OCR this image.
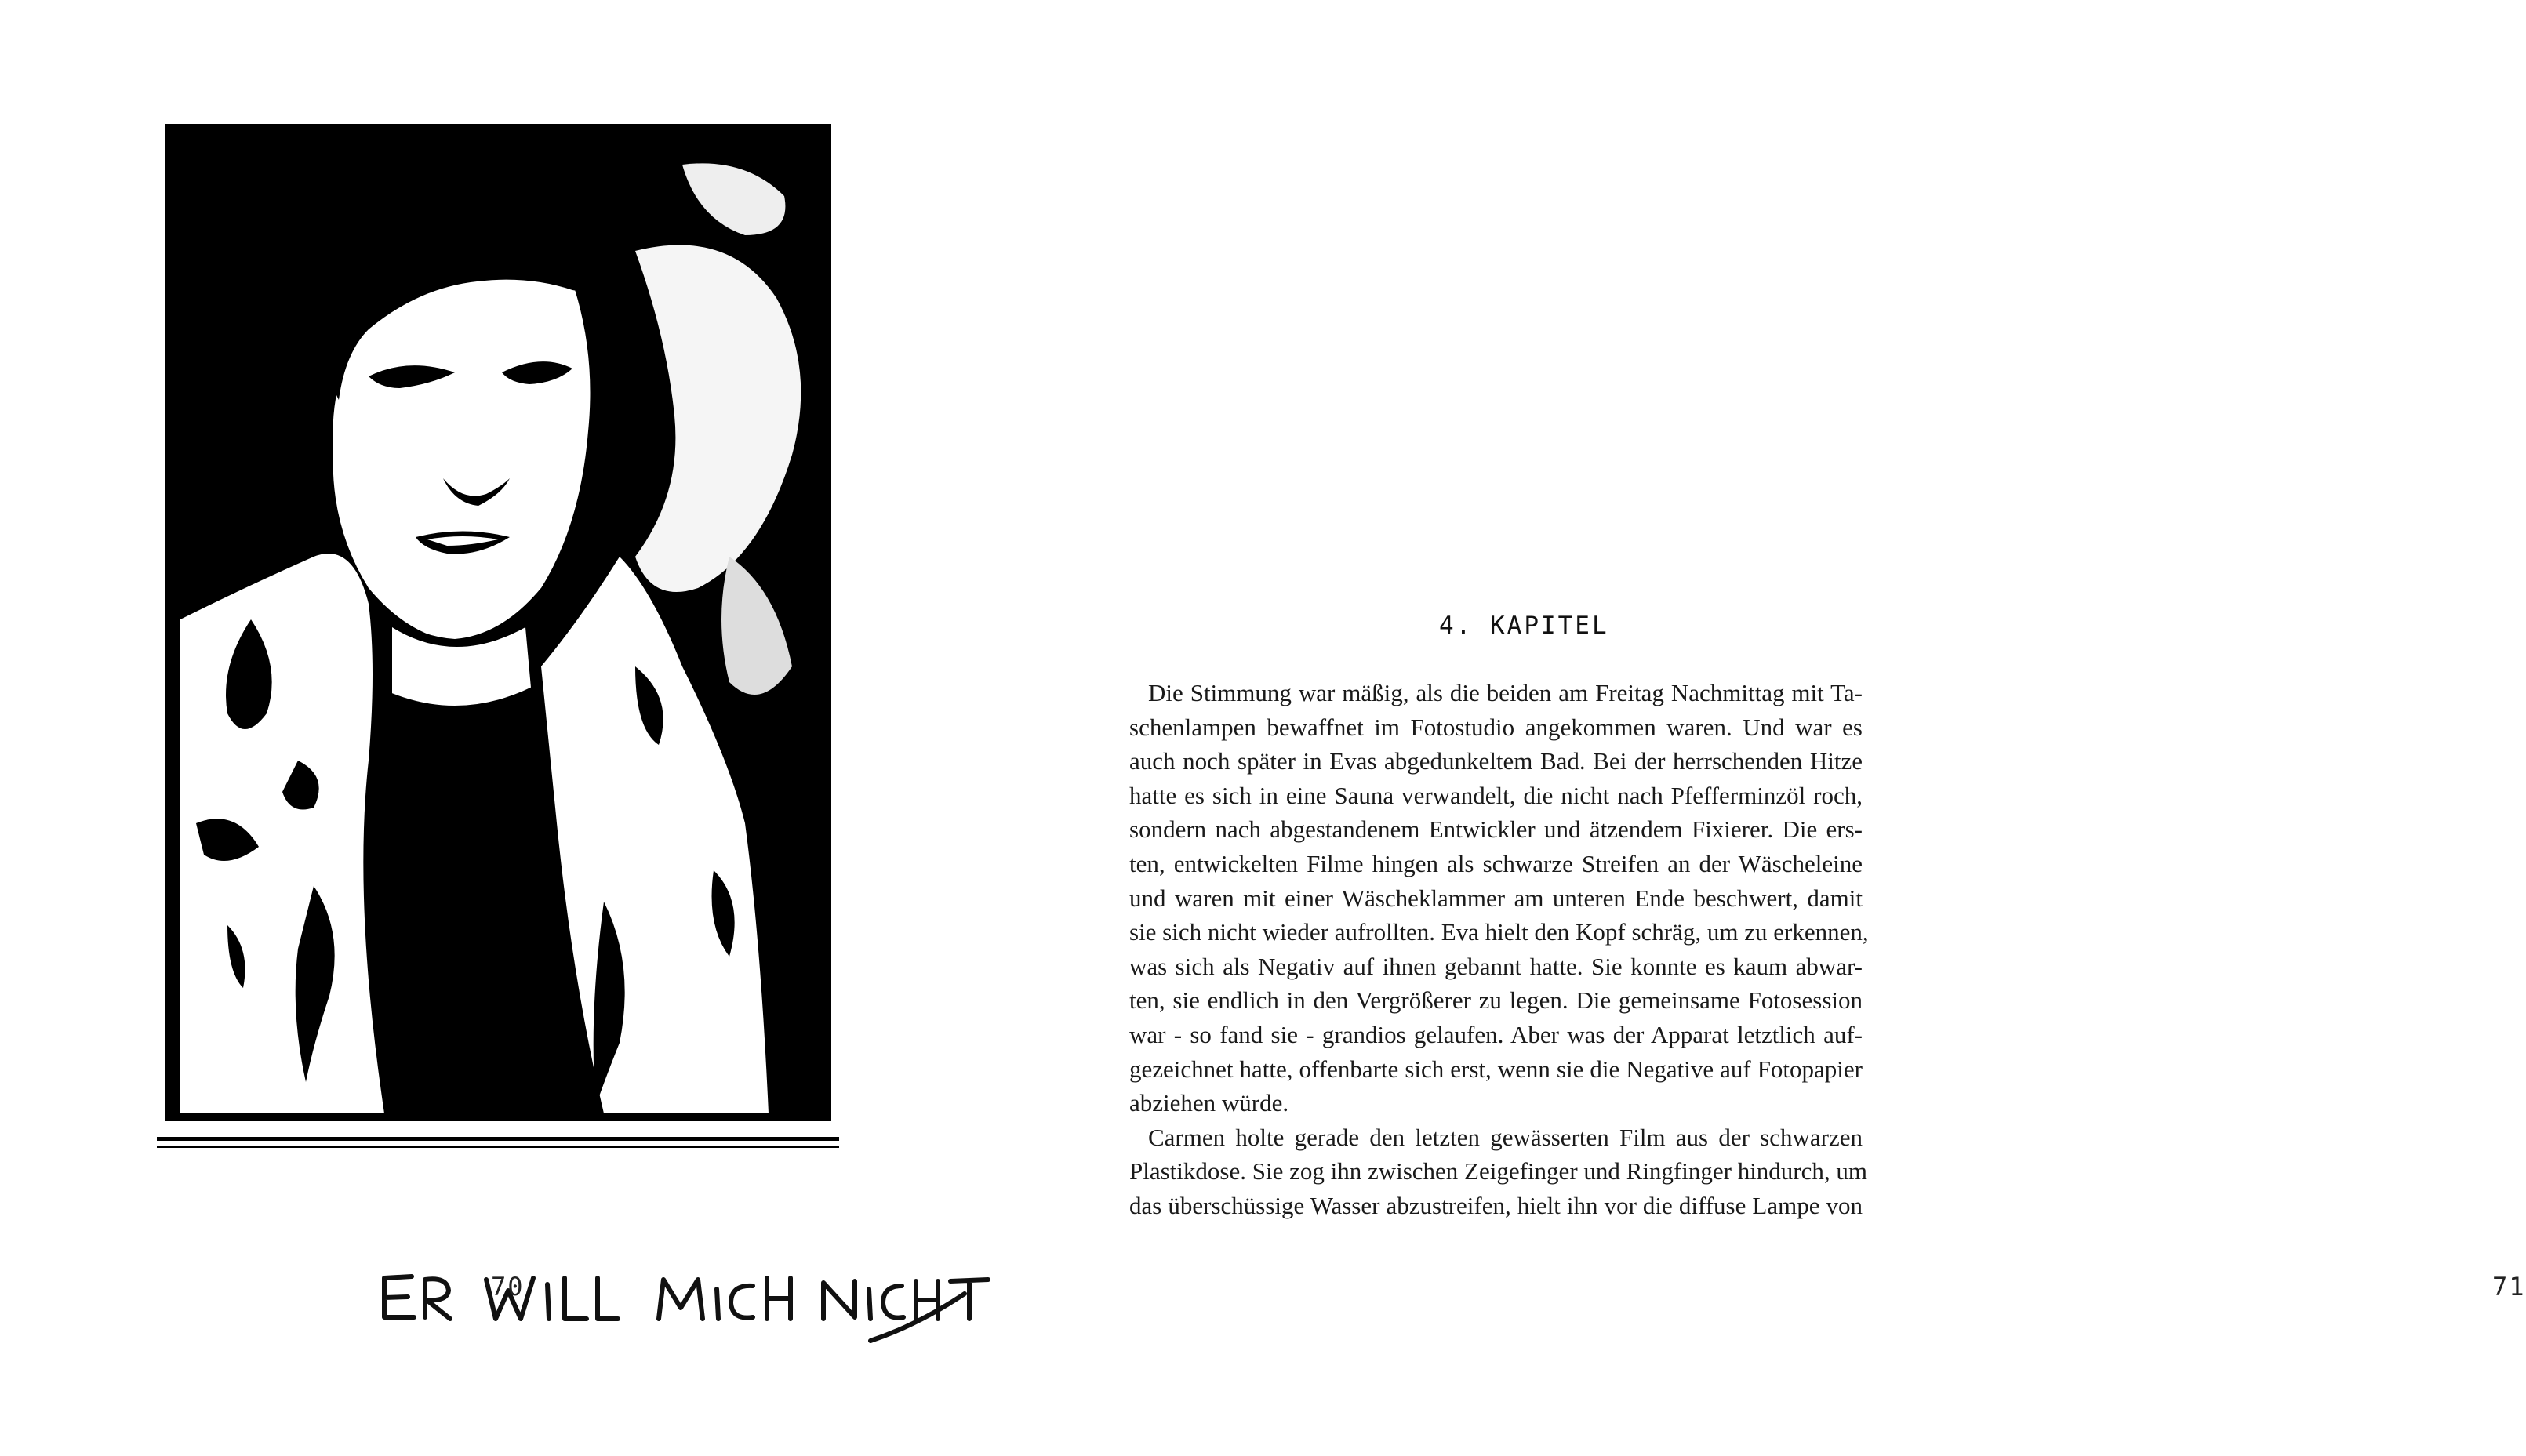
70
4. KAPITEL
Die Stimmung war mäßig, als die beiden am Freitag Nachmittag mit Ta-
schenlampen bewaffnet im Fotostudio angekommen waren. Und war es
auch noch später in Evas abgedunkeltem Bad. Bei der herrschenden Hitze
hatte es sich in eine Sauna verwandelt, die nicht nach Pfefferminzöl roch,
sondern nach abgestandenem Entwickler und ätzendem Fixierer. Die ers-
ten, entwickelten Filme hingen als schwarze Streifen an der Wäscheleine
und waren mit einer Wäscheklammer am unteren Ende beschwert, damit
sie sich nicht wieder aufrollten. Eva hielt den Kopf schräg, um zu erkennen,
was sich als Negativ auf ihnen gebannt hatte. Sie konnte es kaum abwar-
ten, sie endlich in den Vergrößerer zu legen. Die gemeinsame Fotosession
war - so fand sie - grandios gelaufen. Aber was der Apparat letztlich auf-
gezeichnet hatte, offenbarte sich erst, wenn sie die Negative auf Fotopapier
abziehen würde.
Carmen holte gerade den letzten gewässerten Film aus der schwarzen
Plastikdose. Sie zog ihn zwischen Zeigefinger und Ringfinger hindurch, um
das überschüssige Wasser abzustreifen, hielt ihn vor die diffuse Lampe von
71
